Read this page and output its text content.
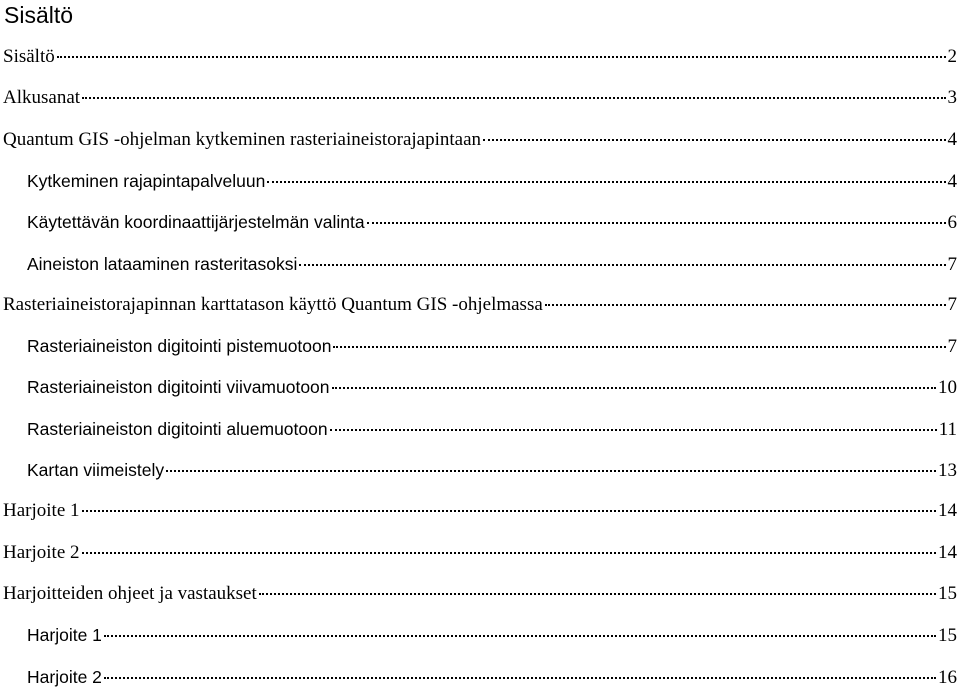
Sisältö
Sisältö	2
Alkusanat	3
Quantum GIS -ohjelman kytkeminen rasteriaineistorajapintaan	4
Kytkeminen rajapintapalveluun	4
Käytettävän koordinaattijärjestelmän valinta	6
Aineiston lataaminen rasteritasoksi	7
Rasteriaineistorajapinnan karttatason käyttö Quantum GIS -ohjelmassa	7
Rasteriaineiston digitointi pistemuotoon	7
Rasteriaineiston digitointi viivamuotoon	10
Rasteriaineiston digitointi aluemuotoon	11
Kartan viimeistely	13
Harjoite 1	14
Harjoite 2	14
Harjoitteiden ohjeet ja vastaukset	15
Harjoite 1	15
Harjoite 2	16
